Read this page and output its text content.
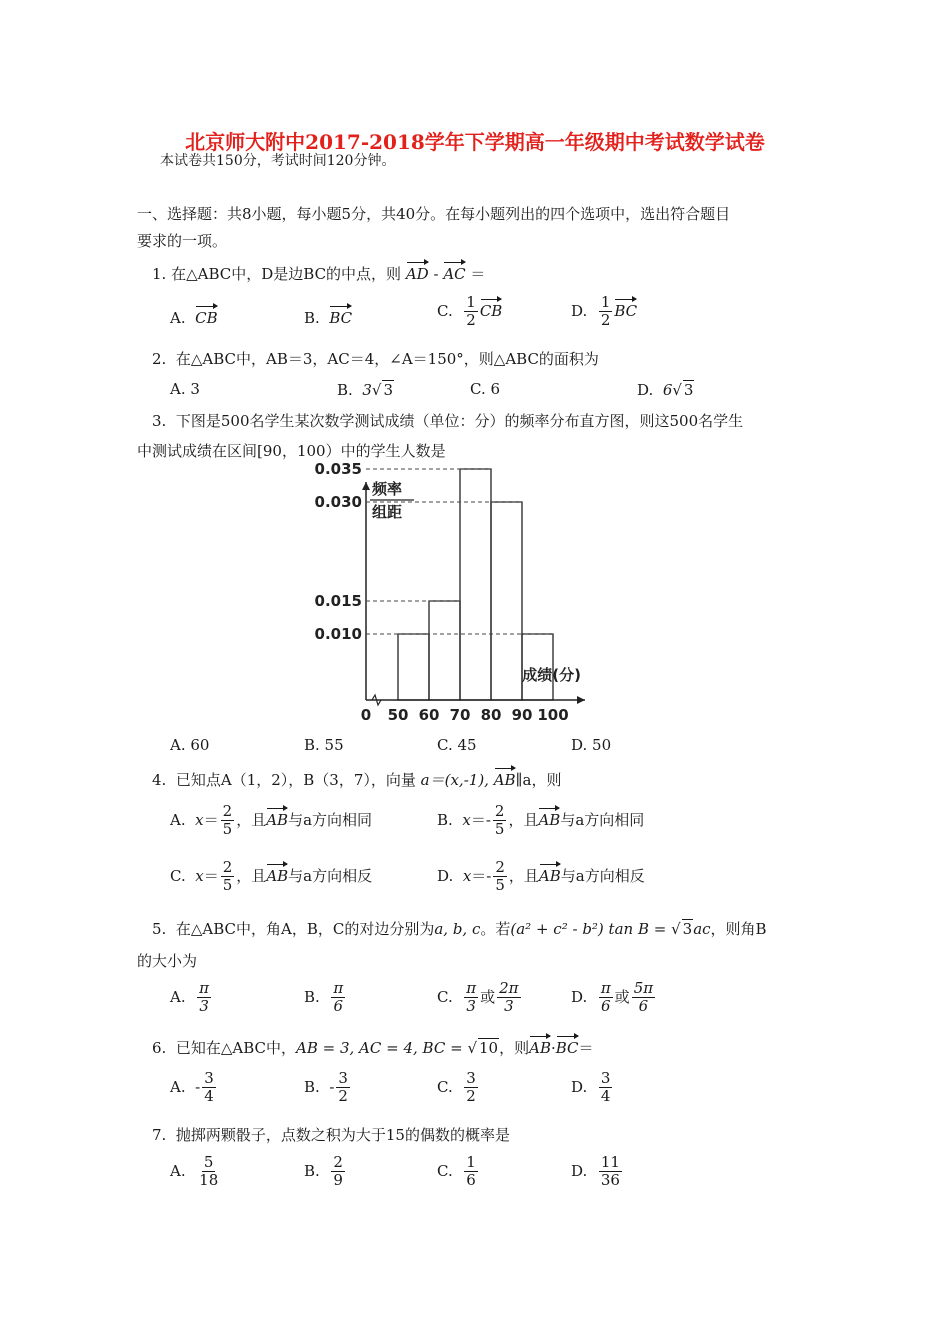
北京师大附中2017-2018学年下学期高一年级期中考试数学试卷
本试卷共150分，考试时间120分钟。
一、选择题：共8小题，每小题5分，共40分。在每小题列出的四个选项中，选出符合题目
要求的一项。
1. 在△ABC中，D是边BC的中点，则 AD - AC ＝
A. CB	B. BC	C. $\frac{1}{2}$ CB	D. $\frac{1}{2}$ BC
2. 在△ABC中，AB＝3，AC＝4，∠A＝150°，则△ABC的面积为
A. 3	B. 3√ 3	C. 6	D. 6√ 3
3. 下图是500名学生某次数学测试成绩（单位：分）的频率分布直方图，则这500名学生
中测试成绩在区间[90，100）中的学生人数是
0.035
0.030
0.015
0.010
0 50 60 70 80 90 100
频率
组距
成绩(分)
A. 60	B. 55	C. 45	D. 50
4. 已知点A（1，2），B（3，7），向量 a＝(x,-1), AB∥a，则
A. $x= \frac{2}{5}$ ，且AB与a方向相同	B. $x=- \frac{2}{5}$ ，且AB与a方向相同
C. $x= \frac{2}{5}$ ，且AB与a方向相反	D. $x=- \frac{2}{5}$ ，且AB与a方向相反
5. 在△ABC中，角A，B，C的对边分别为a, b, c。若(a² + c² - b²) tan B = √ 3ac，则角B
的大小为
A. $\frac{\pi}{3}$	B. $\frac{\pi}{6}$	C. $\frac{\pi}{3}$ 或 $\frac{2\pi}{3}$	D. $\frac{\pi}{6}$ 或 $\frac{5\pi}{6}$
6. 已知在△ABC中，AB = 3, AC = 4, BC = √ 10，则AB·BC＝
A. - $\frac{3}{4}$	B. - $\frac{3}{2}$	C. $\frac{3}{2}$	D. $\frac{3}{4}$
7. 抛掷两颗骰子，点数之积为大于15的偶数的概率是
A. $\frac{5}{18}$	B. $\frac{2}{9}$	C. $\frac{1}{6}$	D. $\frac{11}{36}$
